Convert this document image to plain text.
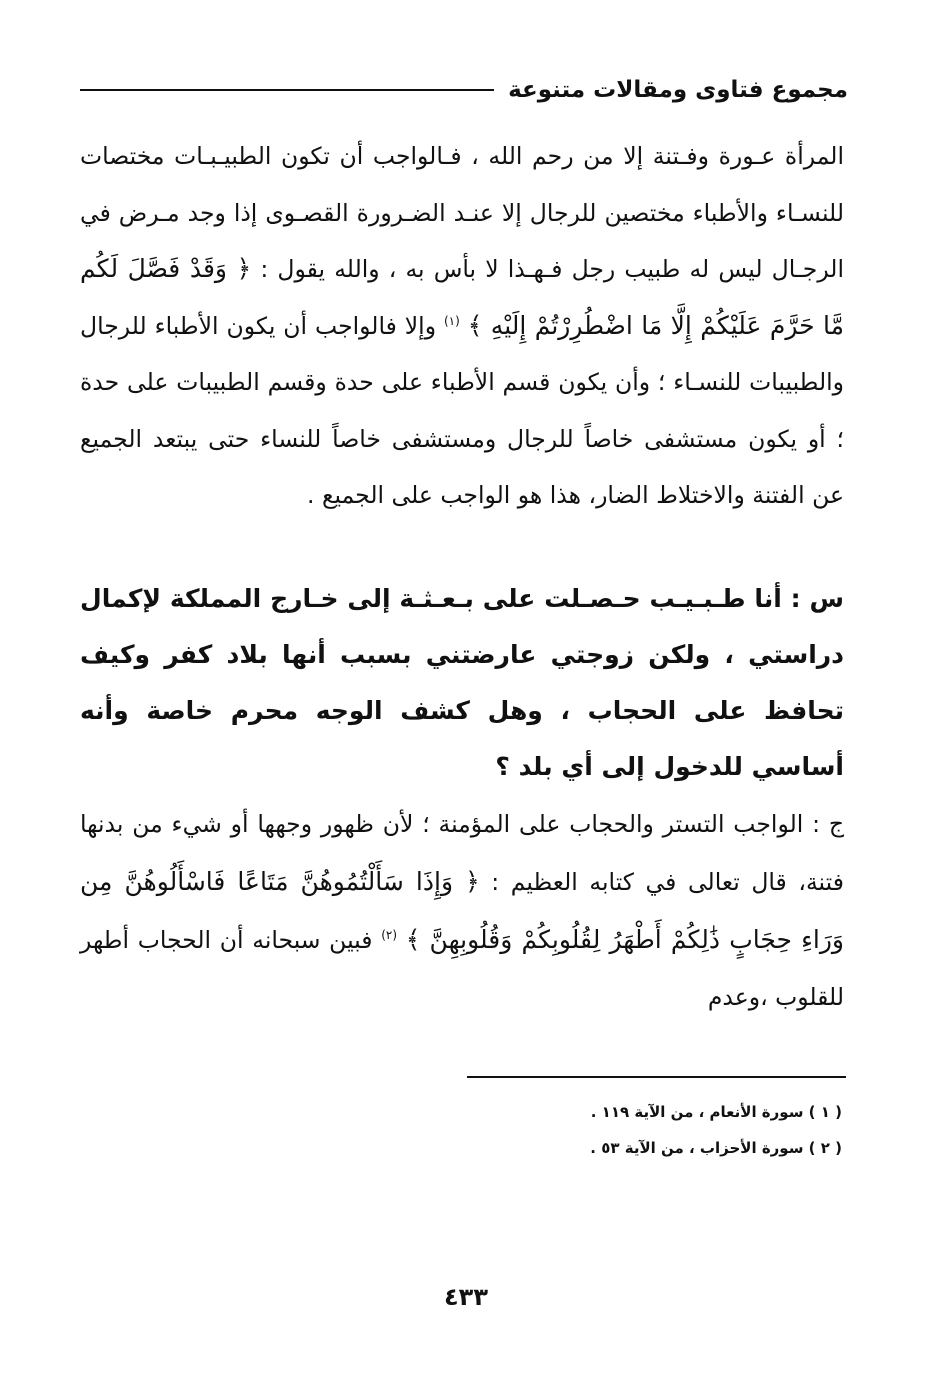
مجموع فتاوى ومقالات متنوعة

المرأة عـورة وفـتنة إلا من رحم الله ، فـالواجب أن تكون الطبيـبـات مختصات للنسـاء والأطباء مختصين للرجال إلا عنـد الضـرورة القصـوى إذا وجد مـرض في الرجـال ليس له طبيب رجل فـهـذا لا بأس به ، والله يقول : ﴿ وَقَدْ فَصَّلَ لَكُم مَّا حَرَّمَ عَلَيْكُمْ إِلَّا مَا اضْطُرِرْتُمْ إِلَيْهِ ﴾ $^{(١)}$ وإلا فالواجب أن يكون الأطباء للرجال والطبيبات للنسـاء ؛ وأن يكون قسم الأطباء على حدة وقسم الطبيبات على حدة ؛ أو يكون مستشفى خاصاً للرجال ومستشفى خاصاً للنساء حتى يبتعد الجميع عن الفتنة والاختلاط الضار، هذا هو الواجب على الجميع .

س : أنا طـبـيـب حـصـلت على بـعـثـة إلى خـارج المملكة لإكمال دراستي ، ولكن زوجتي عارضتني بسبب أنها بلاد كفر وكيف تحافظ على الحجاب ، وهل كشف الوجه محرم خاصة وأنه أساسي للدخول إلى أي بلد ؟

ج : الواجب التستر والحجاب على المؤمنة ؛ لأن ظهور وجهها أو شيء من بدنها فتنة، قال تعالى في كتابه العظيم : ﴿ وَإِذَا سَأَلْتُمُوهُنَّ مَتَاعًا فَاسْأَلُوهُنَّ مِن وَرَاءِ حِجَابٍ ذَٰلِكُمْ أَطْهَرُ لِقُلُوبِكُمْ وَقُلُوبِهِنَّ ﴾ $^{(٢)}$ فبين سبحانه أن الحجاب أطهر للقلوب ،وعدم

( ١ ) سورة الأنعام ، من الآية ١١٩ .

( ٢ ) سورة الأحزاب ، من الآية ٥٣ .

٤٣٣
